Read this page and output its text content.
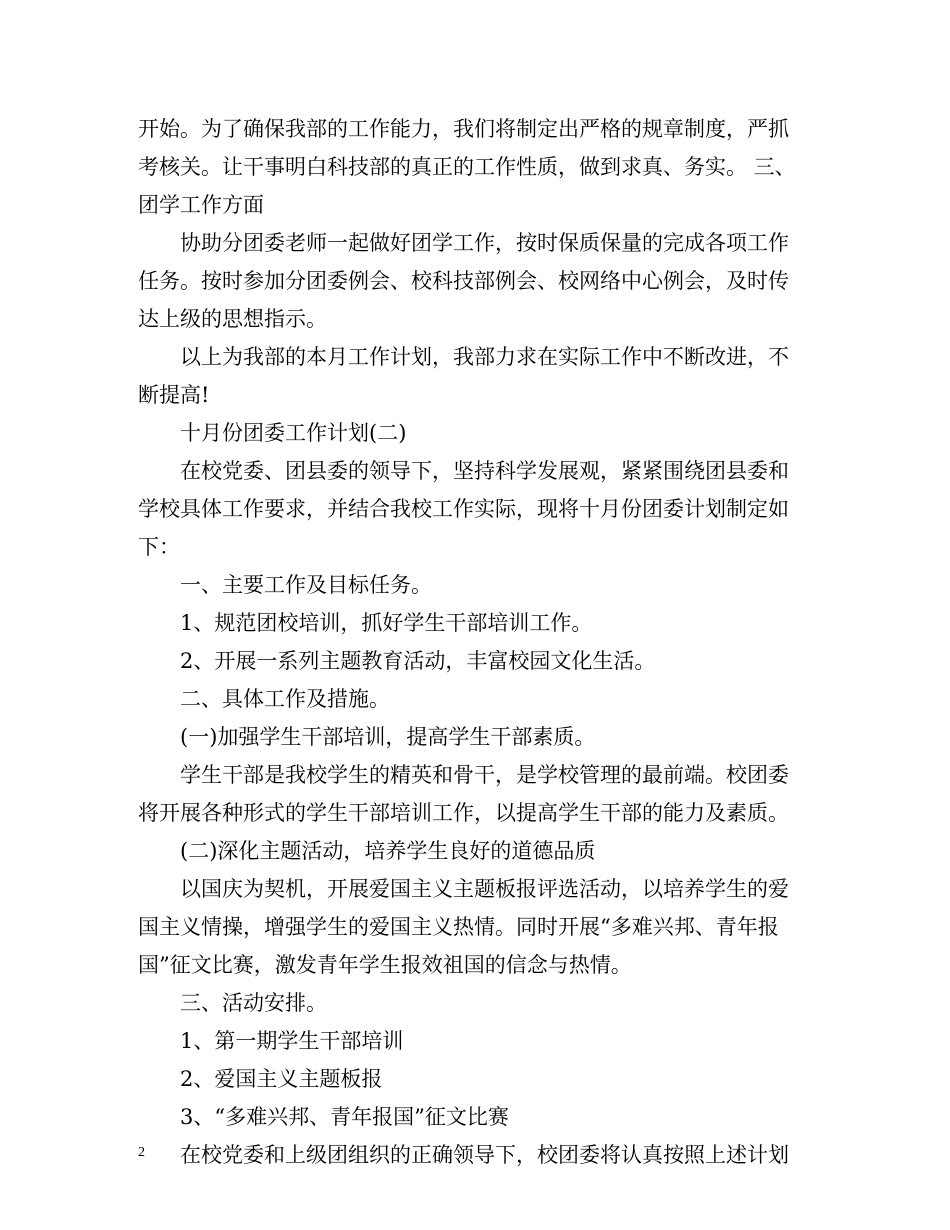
开始。为了确保我部的工作能力，我们将制定出严格的规章制度，严抓
考核关。让干事明白科技部的真正的工作性质，做到求真、务实。 三、
团学工作方面
协助分团委老师一起做好团学工作，按时保质保量的完成各项工作
任务。按时参加分团委例会、校科技部例会、校网络中心例会，及时传
达上级的思想指示。
以上为我部的本月工作计划，我部力求在实际工作中不断改进，不
断提高!
十月份团委工作计划(二)
在校党委、团县委的领导下，坚持科学发展观，紧紧围绕团县委和
学校具体工作要求，并结合我校工作实际，现将十月份团委计划制定如
下：
一、主要工作及目标任务。
1、规范团校培训，抓好学生干部培训工作。
2、开展一系列主题教育活动，丰富校园文化生活。
二、具体工作及措施。
(一)加强学生干部培训，提高学生干部素质。
学生干部是我校学生的精英和骨干，是学校管理的最前端。校团委
将开展各种形式的学生干部培训工作，以提高学生干部的能力及素质。
(二)深化主题活动，培养学生良好的道德品质
以国庆为契机，开展爱国主义主题板报评选活动，以培养学生的爱
国主义情操，增强学生的爱国主义热情。同时开展“多难兴邦、青年报
国”征文比赛，激发青年学生报效祖国的信念与热情。
三、活动安排。
1、第一期学生干部培训
2、爱国主义主题板报
3、“多难兴邦、青年报国”征文比赛
在校党委和上级团组织的正确领导下，校团委将认真按照上述计划
2
